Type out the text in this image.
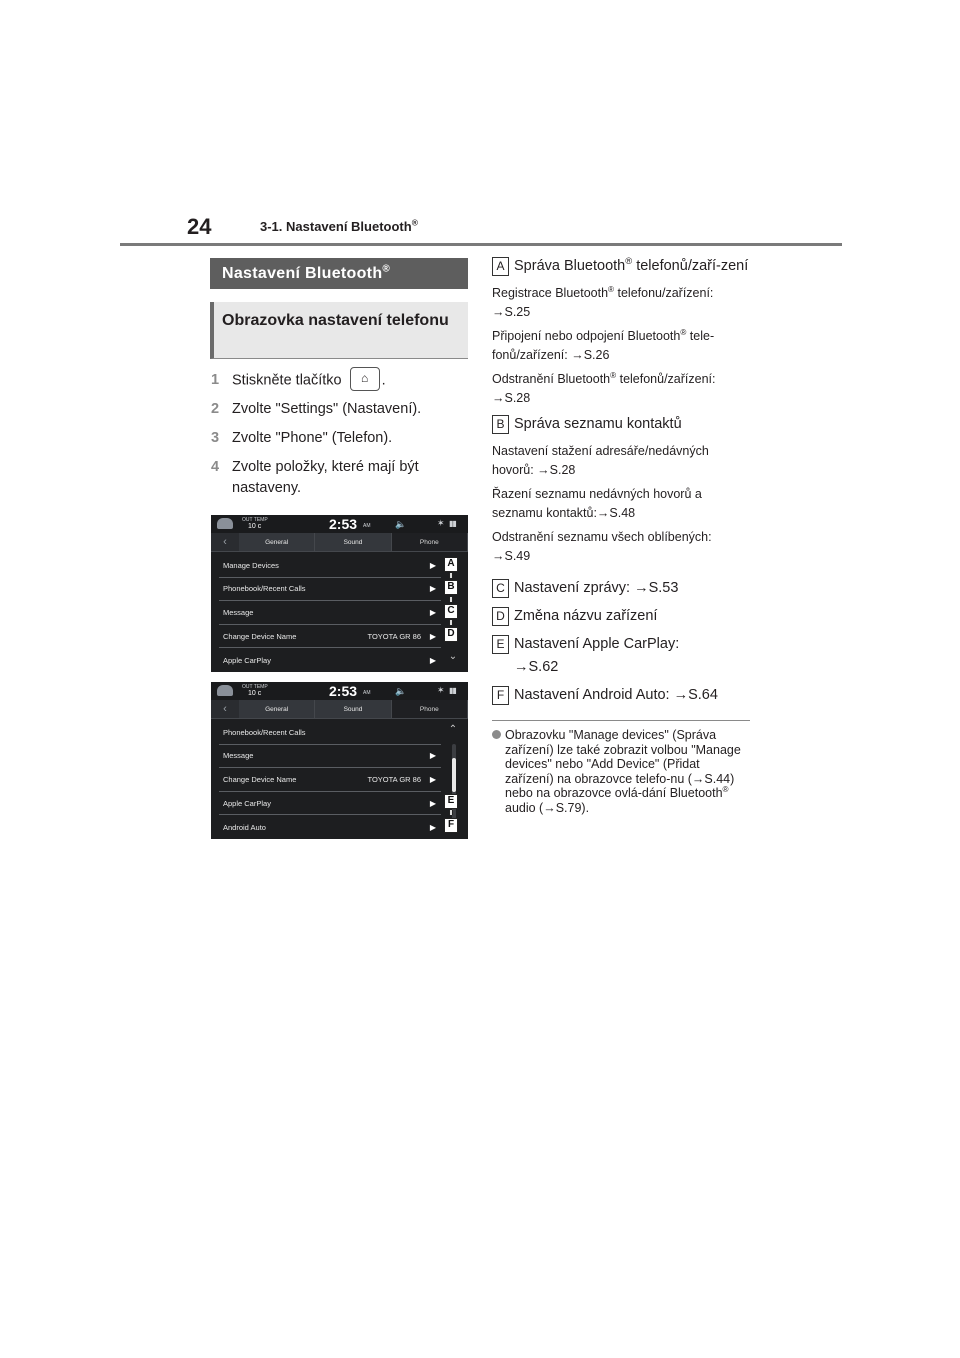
24	3-1. Nastavení Bluetooth®
Nastavení Bluetooth®
Obrazovka nastavení telefonu
1 Stiskněte tlačítko ⌂ .
2 Zvolte "Settings" (Nastavení).
3 Zvolte "Phone" (Telefon).
4 Zvolte položky, které mají být nastaveny.
OUT TEMP
10 c	2:53 AM	🔈	✶ ▮▮
‹	General	Sound	Phone
Manage Devices	▶
Phonebook/Recent Calls	▶
Message	▶
Change Device Name	TOYOTA GR 86 ▶
Apple CarPlay	▶ ⌄
A
B
C
D
OUT TEMP
10 c	2:53 AM	🔈	✶ ▮▮
‹	General	Sound	Phone
Phonebook/Recent Calls
Message	▶
Change Device Name	TOYOTA GR 86 ▶
Apple CarPlay	▶
Android Auto	▶
⌃
E
F
A Správa Bluetooth® telefonů/zaří-zení
Registrace Bluetooth® telefonu/zařízení:
→S.25
Připojení nebo odpojení Bluetooth® tele-fonů/zařízení: →S.26
Odstranění Bluetooth® telefonů/zařízení:
→S.28
B Správa seznamu kontaktů
Nastavení stažení adresáře/nedávných hovorů: →S.28
Řazení seznamu nedávných hovorů a seznamu kontaktů:→S.48
Odstranění seznamu všech oblíbených: →S.49
C Nastavení zprávy: →S.53
D Změna názvu zařízení
E Nastavení Apple CarPlay:
→S.62
F Nastavení Android Auto: →S.64
Obrazovku "Manage devices" (Správa zařízení) lze také zobrazit volbou "Manage devices" nebo "Add Device" (Přidat zařízení) na obrazovce telefo-nu (→S.44) nebo na obrazovce ovlá-dání Bluetooth® audio (→S.79).
